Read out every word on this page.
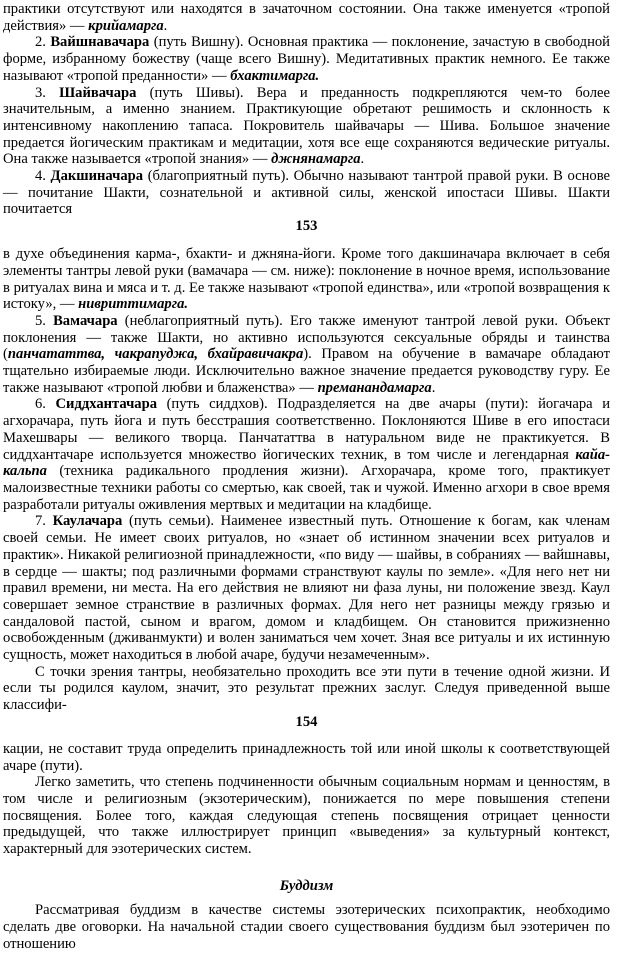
практики отсутствуют или находятся в зачаточном состоянии. Она также именуется «тропой действия» — крийамарга.

2. Вайшнавачара (путь Вишну). Основная практика — поклонение, зачастую в свободной форме, избранному божеству (чаще всего Вишну). Медитативных практик немного. Ее также называют «тропой преданности» — бхактимарга.

3. Шайвачара (путь Шивы). Вера и преданность подкрепляются чем-то более значительным, а именно знанием. Практикующие обретают решимость и склонность к интенсивному накоплению тапаса. Покровитель шайвачары — Шива. Большое значение предается йогическим практикам и медитации, хотя все еще сохраняются ведические ритуалы. Она также называется «тропой знания» — джнянамарга.

4. Дакшиначара (благоприятный путь). Обычно называют тантрой правой руки. В основе — почитание Шакти, сознательной и активной силы, женской ипостаси Шивы. Шакти почитается

153

в духе объединения карма-, бхакти- и джняна-йоги. Кроме того дакшиначара включает в себя элементы тантры левой руки (вамачара — см. ниже): поклонение в ночное время, использование в ритуалах вина и мяса и т. д. Ее также называют «тропой единства», или «тропой возвращения к истоку», — нивриттимарга.

5. Вамачара (неблагоприятный путь). Его также именуют тантрой левой руки. Объект поклонения — также Шакти, но активно используются сексуальные обряды и таинства (панчататтва, чакрапуджа, бхайравичакра). Правом на обучение в вамачаре обладают тщательно избираемые люди. Исключительно важное значение предается руководству гуру. Ее также называют «тропой любви и блаженства» — преманандамарга.

6. Сиддхантачара (путь сиддхов). Подразделяется на две ачары (пути): йогачара и агхорачара, путь йога и путь бесстрашия соответственно. Поклоняются Шиве в его ипостаси Махешвары — великого творца. Панчататтва в натуральном виде не практикуется. В сиддхантачаре используется множество йогических техник, в том числе и легендарная кайа-кальпа (техника радикального продления жизни). Агхорачара, кроме того, практикует малоизвестные техники работы со смертью, как своей, так и чужой. Именно агхори в свое время разработали ритуалы оживления мертвых и медитации на кладбище.

7. Каулачара (путь семьи). Наименее известный путь. Отношение к богам, как членам своей семьи. Не имеет своих ритуалов, но «знает об истинном значении всех ритуалов и практик». Никакой религиозной принадлежности, «по виду — шайвы, в собраниях — вайшнавы, в сердце — шакты; под различными формами странствуют каулы по земле». «Для него нет ни правил времени, ни места. На его действия не влияют ни фаза луны, ни положение звезд. Каул совершает земное странствие в различных формах. Для него нет разницы между грязью и сандаловой пастой, сыном и врагом, домом и кладбищем. Он становится прижизненно освобожденным (дживанмукти) и волен заниматься чем хочет. Зная все ритуалы и их истинную сущность, может находиться в любой ачаре, будучи незамеченным».

С точки зрения тантры, необязательно проходить все эти пути в течение одной жизни. И если ты родился каулом, значит, это результат прежних заслуг. Следуя приведенной выше классифи-

154

кации, не составит труда определить принадлежность той или иной школы к соответствующей ачаре (пути).

Легко заметить, что степень подчиненности обычным социальным нормам и ценностям, в том числе и религиозным (экзотерическим), понижается по мере повышения степени посвящения. Более того, каждая следующая степень посвящения отрицает ценности предыдущей, что также иллюстрирует принцип «выведения» за культурный контекст, характерный для эзотерических систем.

Буддизм

Рассматривая буддизм в качестве системы эзотерических психопрактик, необходимо сделать две оговорки. На начальной стадии своего существования буддизм был эзотеричен по отношению
